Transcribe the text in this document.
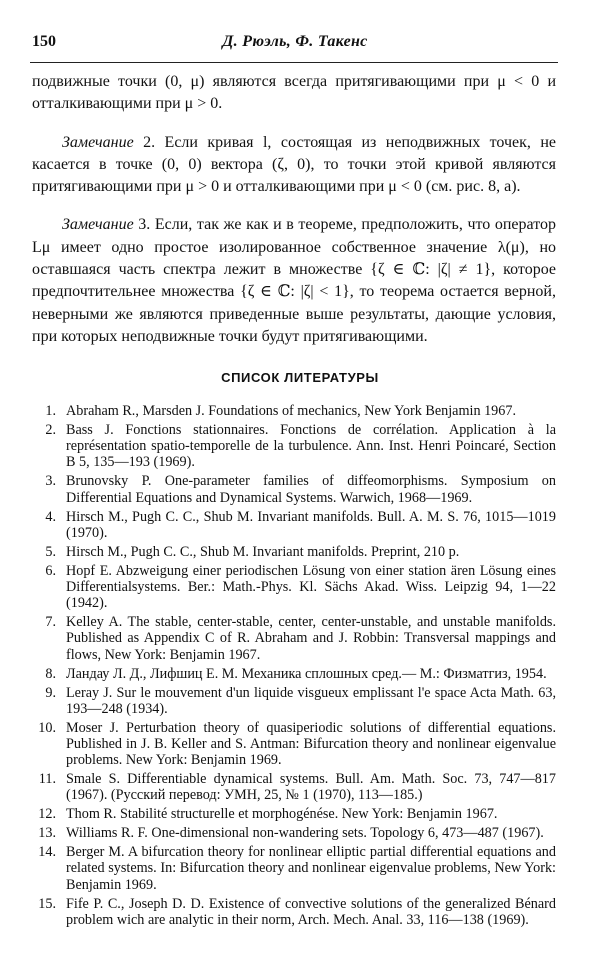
150	Д. Рюэль, Ф. Такенс

подвижные точки (0, μ) являются всегда притягивающими при μ < 0 и отталкивающими при μ > 0.

Замечание 2. Если кривая l, состоящая из неподвижных точек, не касается в точке (0, 0) вектора (ζ, 0), то точки этой кривой являются притягивающими при μ > 0 и отталкивающими при μ < 0 (см. рис. 8, a).

Замечание 3. Если, так же как и в теореме, предположить, что оператор Lμ имеет одно простое изолированное собственное значение λ(μ), но оставшаяся часть спектра лежит в множестве {ζ ∈ ℂ: |ζ| ≠ 1}, которое предпочтительнее множества {ζ ∈ ℂ: |ζ| < 1}, то теорема остается верной, неверными же являются приведенные выше результаты, дающие условия, при которых неподвижные точки будут притягивающими.

СПИСОК ЛИТЕРАТУРЫ
1. Abraham R., Marsden J. Foundations of mechanics, New York Benjamin 1967.
2. Bass J. Fonctions stationnaires. Fonctions de corrélation. Application à la représentation spatio-temporelle de la turbulence. Ann. Inst. Henri Poincaré, Section B 5, 135—193 (1969).
3. Brunovsky P. One-parameter families of diffeomorphisms. Symposium on Differential Equations and Dynamical Systems. Warwich, 1968—1969.
4. Hirsch M., Pugh C. C., Shub M. Invariant manifolds. Bull. A. M. S. 76, 1015—1019 (1970).
5. Hirsch M., Pugh C. C., Shub M. Invariant manifolds. Preprint, 210 p.
6. Hopf E. Abzweigung einer periodischen Lösung von einer station ären Lösung eines Differentialsystems. Ber.: Math.-Phys. Kl. Sächs Akad. Wiss. Leipzig 94, 1—22 (1942).
7. Kelley A. The stable, center-stable, center, center-unstable, and unstable manifolds. Published as Appendix C of R. Abraham and J. Robbin: Transversal mappings and flows, New York: Benjamin 1967.
8. Ландау Л. Д., Лифшиц Е. М. Механика сплошных сред.— М.: Физматгиз, 1954.
9. Leray J. Sur le mouvement d'un liquide visgueux emplissant l'e space Acta Math. 63, 193—248 (1934).
10. Moser J. Perturbation theory of quasiperiodic solutions of differential equations. Published in J. B. Keller and S. Antman: Bifurcation theory and nonlinear eigenvalue problems. New York: Benjamin 1969.
11. Smale S. Differentiable dynamical systems. Bull. Am. Math. Soc. 73, 747—817 (1967). (Русский перевод: УМН, 25, № 1 (1970), 113—185.)
12. Thom R. Stabilité structurelle et morphogénése. New York: Benjamin 1967.
13. Williams R. F. One-dimensional non-wandering sets. Topology 6, 473—487 (1967).
14. Berger M. A bifurcation theory for nonlinear elliptic partial differential equations and related systems. In: Bifurcation theory and nonlinear eigenvalue problems, New York: Benjamin 1969.
15. Fife P. C., Joseph D. D. Existence of convective solutions of the generalized Bénard problem wich are analytic in their norm, Arch. Mech. Anal. 33, 116—138 (1969).
